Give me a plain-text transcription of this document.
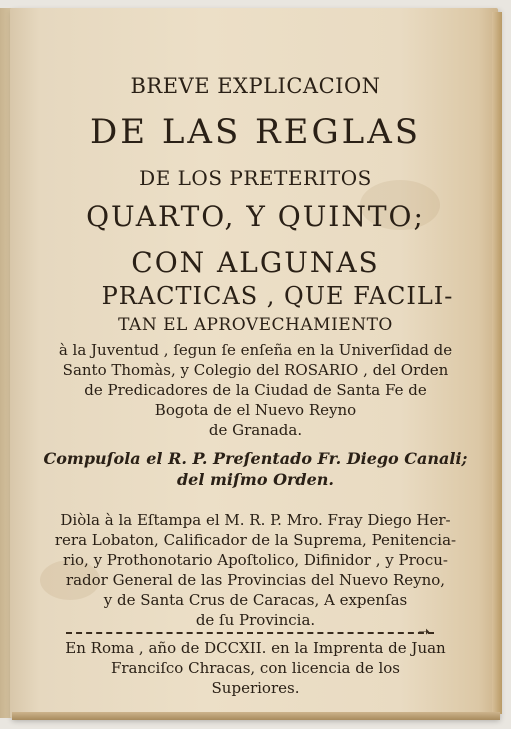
BREVE EXPLICACION
DE LAS REGLAS
DE LOS PRETERITOS
QUARTO, Y QUINTO;
CON ALGUNAS
PRACTICAS , QUE FACILI-
TAN EL APROVECHAMIENTO
à la Juventud , ſegun ſe enſeña en la Univerſidad de
Santo Thomàs, y Colegio del ROSARIO , del Orden
de Predicadores de la Ciudad de Santa Fe de
Bogota de el Nuevo Reyno
de Granada.
Compuſola el R. P. Preſentado Fr. Diego Canali;
del miſmo Orden.
Diòla à la Eſtampa el M. R. P. Mro. Fray Diego Her-
rera Lobaton, Calificador de la Suprema, Penitencia-
rio, y Prothonotario Apoſtolico, Difinidor , y Procu-
rador General de las Provincias del Nuevo Reyno,
y de Santa Crus de Caracas, A expenſas
de ſu Provincia.
➝
En Roma , año de DCCXII. en la Imprenta de Juan
Franciſco Chracas, con licencia de los
Superiores.
